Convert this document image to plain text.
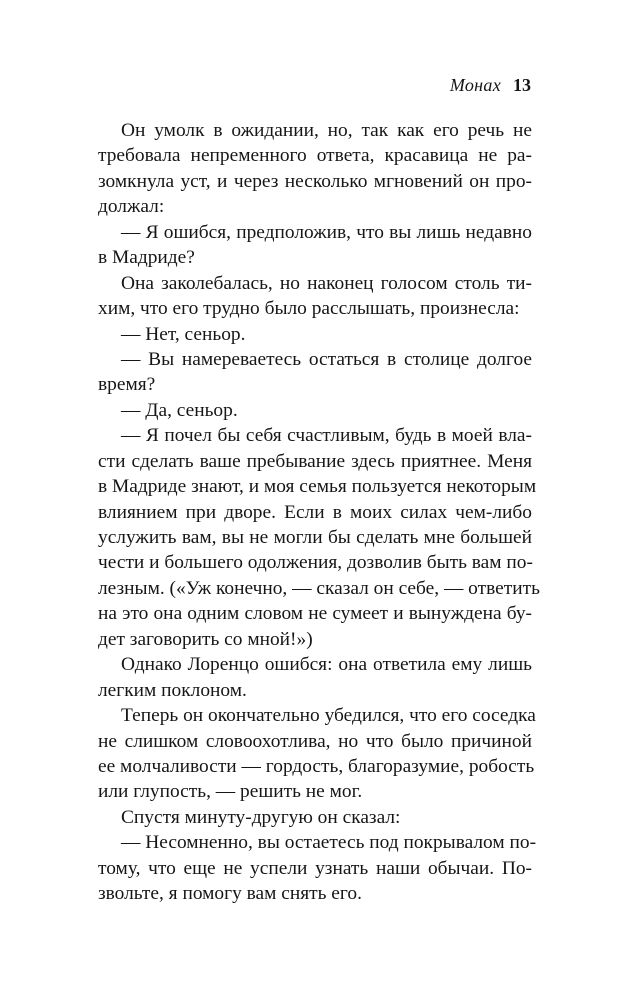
Монах 13
Он умолк в ожидании, но, так как его речь не
требовала непременного ответа, красавица не ра-
зомкнула уст, и через несколько мгновений он про-
должал:
— Я ошибся, предположив, что вы лишь недавно
в Мадриде?
Она заколебалась, но наконец голосом столь ти-
хим, что его трудно было расслышать, произнесла:
— Нет, сеньор.
— Вы намереваетесь остаться в столице долгое
время?
— Да, сеньор.
— Я почел бы себя счастливым, будь в моей вла-
сти сделать ваше пребывание здесь приятнее. Меня
в Мадриде знают, и моя семья пользуется некоторым
влиянием при дворе. Если в моих силах чем-либо
услужить вам, вы не могли бы сделать мне большей
чести и большего одолжения, дозволив быть вам по-
лезным. («Уж конечно, — сказал он себе, — ответить
на это она одним словом не сумеет и вынуждена бу-
дет заговорить со мной!»)
Однако Лоренцо ошибся: она ответила ему лишь
легким поклоном.
Теперь он окончательно убедился, что его соседка
не слишком словоохотлива, но что было причиной
ее молчаливости — гордость, благоразумие, робость
или глупость, — решить не мог.
Спустя минуту-другую он сказал:
— Несомненно, вы остаетесь под покрывалом по-
тому, что еще не успели узнать наши обычаи. По-
звольте, я помогу вам снять его.
